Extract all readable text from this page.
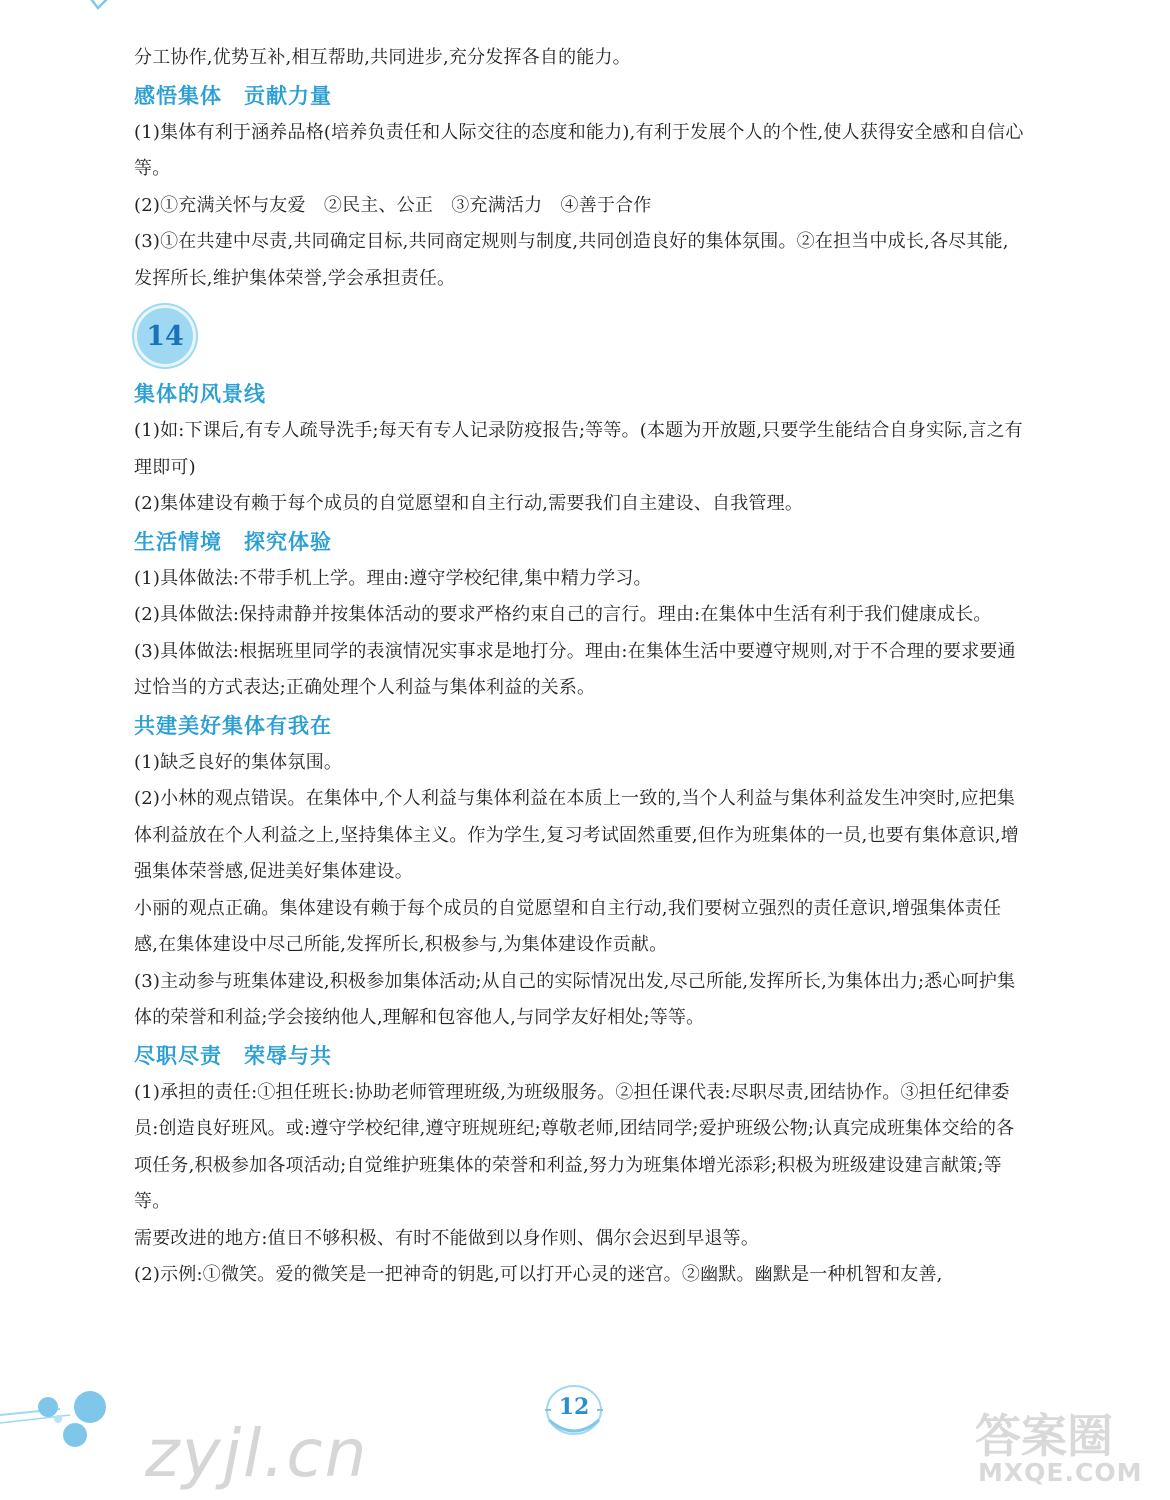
分工协作,优势互补,相互帮助,共同进步,充分发挥各自的能力。

感悟集体　贡献力量

(1)集体有利于涵养品格(培养负责任和人际交往的态度和能力),有利于发展个人的个性,使人获得安全感和自信心等。

(2)①充满关怀与友爱　②民主、公正　③充满活力　④善于合作

(3)①在共建中尽责,共同确定目标,共同商定规则与制度,共同创造良好的集体氛围。②在担当中成长,各尽其能,发挥所长,维护集体荣誉,学会承担责任。

14
集体的风景线

(1)如:下课后,有专人疏导洗手;每天有专人记录防疫报告;等等。(本题为开放题,只要学生能结合自身实际,言之有理即可)

(2)集体建设有赖于每个成员的自觉愿望和自主行动,需要我们自主建设、自我管理。

生活情境　探究体验

(1)具体做法:不带手机上学。理由:遵守学校纪律,集中精力学习。

(2)具体做法:保持肃静并按集体活动的要求严格约束自己的言行。理由:在集体中生活有利于我们健康成长。

(3)具体做法:根据班里同学的表演情况实事求是地打分。理由:在集体生活中要遵守规则,对于不合理的要求要通过恰当的方式表达;正确处理个人利益与集体利益的关系。

共建美好集体有我在

(1)缺乏良好的集体氛围。

(2)小林的观点错误。在集体中,个人利益与集体利益在本质上一致的,当个人利益与集体利益发生冲突时,应把集体利益放在个人利益之上,坚持集体主义。作为学生,复习考试固然重要,但作为班集体的一员,也要有集体意识,增强集体荣誉感,促进美好集体建设。

小丽的观点正确。集体建设有赖于每个成员的自觉愿望和自主行动,我们要树立强烈的责任意识,增强集体责任感,在集体建设中尽己所能,发挥所长,积极参与,为集体建设作贡献。

(3)主动参与班集体建设,积极参加集体活动;从自己的实际情况出发,尽己所能,发挥所长,为集体出力;悉心呵护集体的荣誉和利益;学会接纳他人,理解和包容他人,与同学友好相处;等等。

尽职尽责　荣辱与共

(1)承担的责任:①担任班长:协助老师管理班级,为班级服务。②担任课代表:尽职尽责,团结协作。③担任纪律委员:创造良好班风。或:遵守学校纪律,遵守班规班纪;尊敬老师,团结同学;爱护班级公物;认真完成班集体交给的各项任务,积极参加各项活动;自觉维护班集体的荣誉和利益,努力为班集体增光添彩;积极为班级建设建言献策;等等。

需要改进的地方:值日不够积极、有时不能做到以身作则、偶尔会迟到早退等。

(2)示例:①微笑。爱的微笑是一把神奇的钥匙,可以打开心灵的迷宫。②幽默。幽默是一种机智和友善,

12
zyjl.cn	答案圈
MXQE.COM
